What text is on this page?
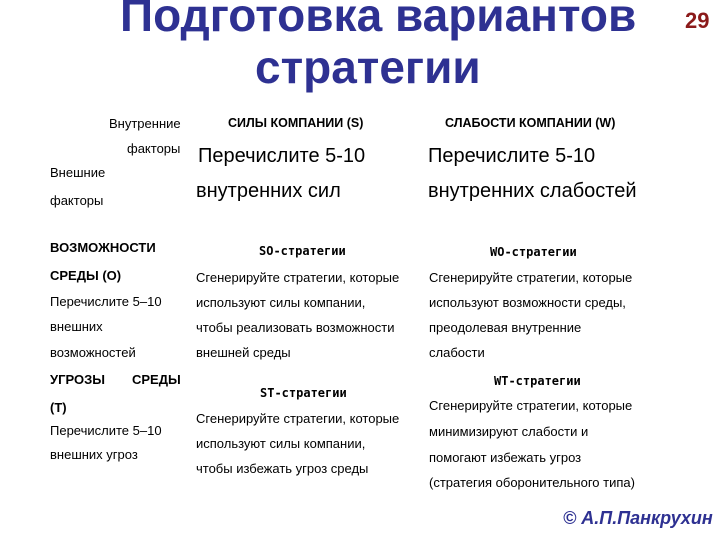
Подготовка вариантов
стратегии
29
Внутренние
факторы
Внешние
факторы
СИЛЫ КОМПАНИИ (S)	СЛАБОСТИ КОМПАНИИ (W)
Перечислите 5-10
внутренних сил
Перечислите 5-10
внутренних слабостей
ВОЗМОЖНОСТИ
СРЕДЫ (O)
Перечислите 5–10
внешних
возможностей
SO-стратегии
Сгенерируйте стратегии, которые
используют силы компании,
чтобы реализовать возможности
внешней среды
WO-стратегии
Сгенерируйте стратегии, которые
используют возможности среды,
преодолевая внутренние
слабости
УГРОЗЫ СРЕДЫ
(T)
Перечислите 5–10
внешних угроз
ST-стратегии
Сгенерируйте стратегии, которые
используют силы компании,
чтобы избежать угроз среды
WT-стратегии
Сгенерируйте стратегии, которые
минимизируют слабости и
помогают избежать угроз
(стратегия оборонительного типа)
© А.П.Панкрухин
